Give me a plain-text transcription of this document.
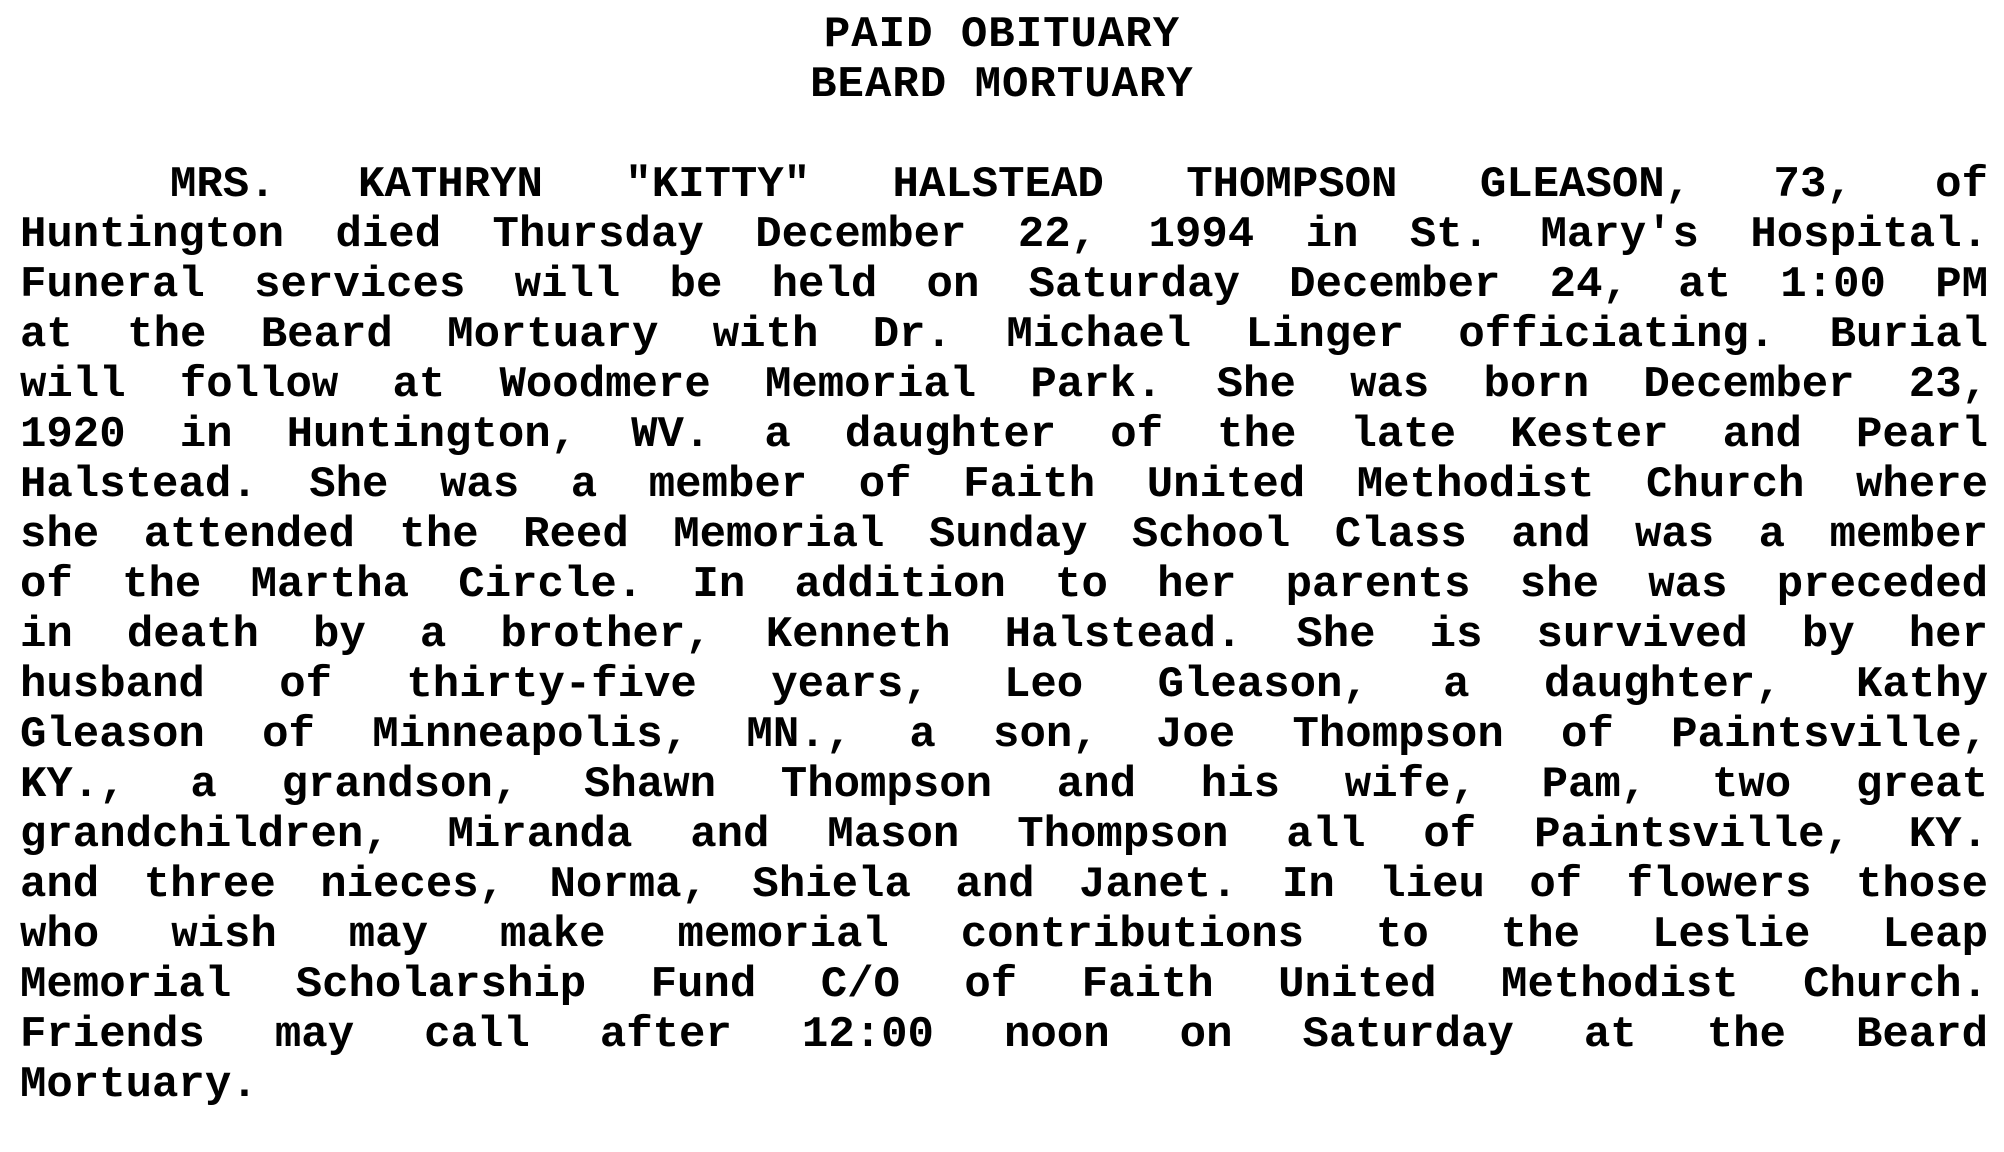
PAID OBITUARY
BEARD MORTUARY
MRS. KATHRYN "KITTY" HALSTEAD THOMPSON GLEASON, 73, of
Huntington died Thursday December 22, 1994 in St. Mary's Hospital.
Funeral services will be held on Saturday December 24, at 1:00 PM
at the Beard Mortuary with Dr. Michael Linger officiating. Burial
will follow at Woodmere Memorial Park. She was born December 23,
1920 in Huntington, WV. a daughter of the late Kester and Pearl
Halstead. She was a member of Faith United Methodist Church where
she attended the Reed Memorial Sunday School Class and was a member
of the Martha Circle. In addition to her parents she was preceded
in death by a brother, Kenneth Halstead. She is survived by her
husband of thirty-five years, Leo Gleason, a daughter, Kathy
Gleason of Minneapolis, MN., a son, Joe Thompson of Paintsville,
KY., a grandson, Shawn Thompson and his wife, Pam, two great
grandchildren, Miranda and Mason Thompson all of Paintsville, KY.
and three nieces, Norma, Shiela and Janet. In lieu of flowers those
who wish may make memorial contributions to the Leslie Leap
Memorial Scholarship Fund C/O of Faith United Methodist Church.
Friends may call after 12:00 noon on Saturday at the Beard
Mortuary.
